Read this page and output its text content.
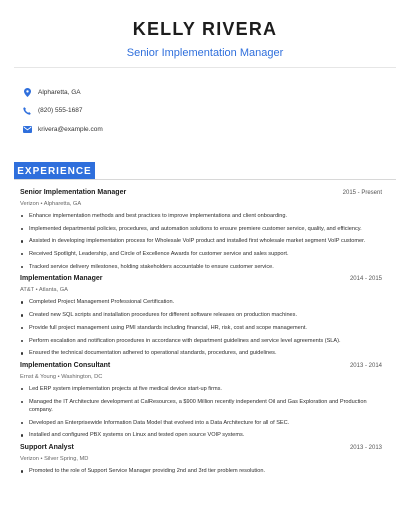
KELLY RIVERA
Senior Implementation Manager
Alpharetta, GA
(820) 555-1687
krivera@example.com
EXPERIENCE
Senior Implementation Manager	2015 - Present
Verizon • Alpharetta, GA
Enhance implementation methods and best practices to improve implementations and client onboarding.
Implemented departmental policies, procedures, and automation solutions to ensure premiere customer service, quality, and efficiency.
Assisted in developing implementation process for Wholesale VoIP product and installed first wholesale market segment VoIP customer.
Received Spotlight, Leadership, and Circle of Excellence Awards for customer service and sales support.
Tracked service delivery milestones, holding stakeholders accountable to ensure customer service.
Implementation Manager	2014 - 2015
AT&T • Atlanta, GA
Completed Project Management Professional Certification.
Created new SQL scripts and installation procedures for different software releases on production machines.
Provide full project management using PMI standards including financial, HR, risk, cost and scope management.
Perform escalation and notification procedures in accordance with department guidelines and service level agreements (SLA).
Ensured the technical documentation adhered to operational standards, procedures, and guidelines.
Implementation Consultant	2013 - 2014
Ernst & Young • Washington, DC
Led ERP system implementation projects at five medical device start-up firms.
Managed the IT Architecture development at CalResources, a $900 Million recently independent Oil and Gas Exploration and Production company.
Developed an Enterprisewide Information Data Model that evolved into a Data Architecture for all of SEC.
Installed and configured PBX systems on Linux and tested open source VOIP systems.
Support Analyst	2013 - 2013
Verizon • Silver Spring, MD
Promoted to the role of Support Service Manager providing 2nd and 3rd tier problem resolution.
